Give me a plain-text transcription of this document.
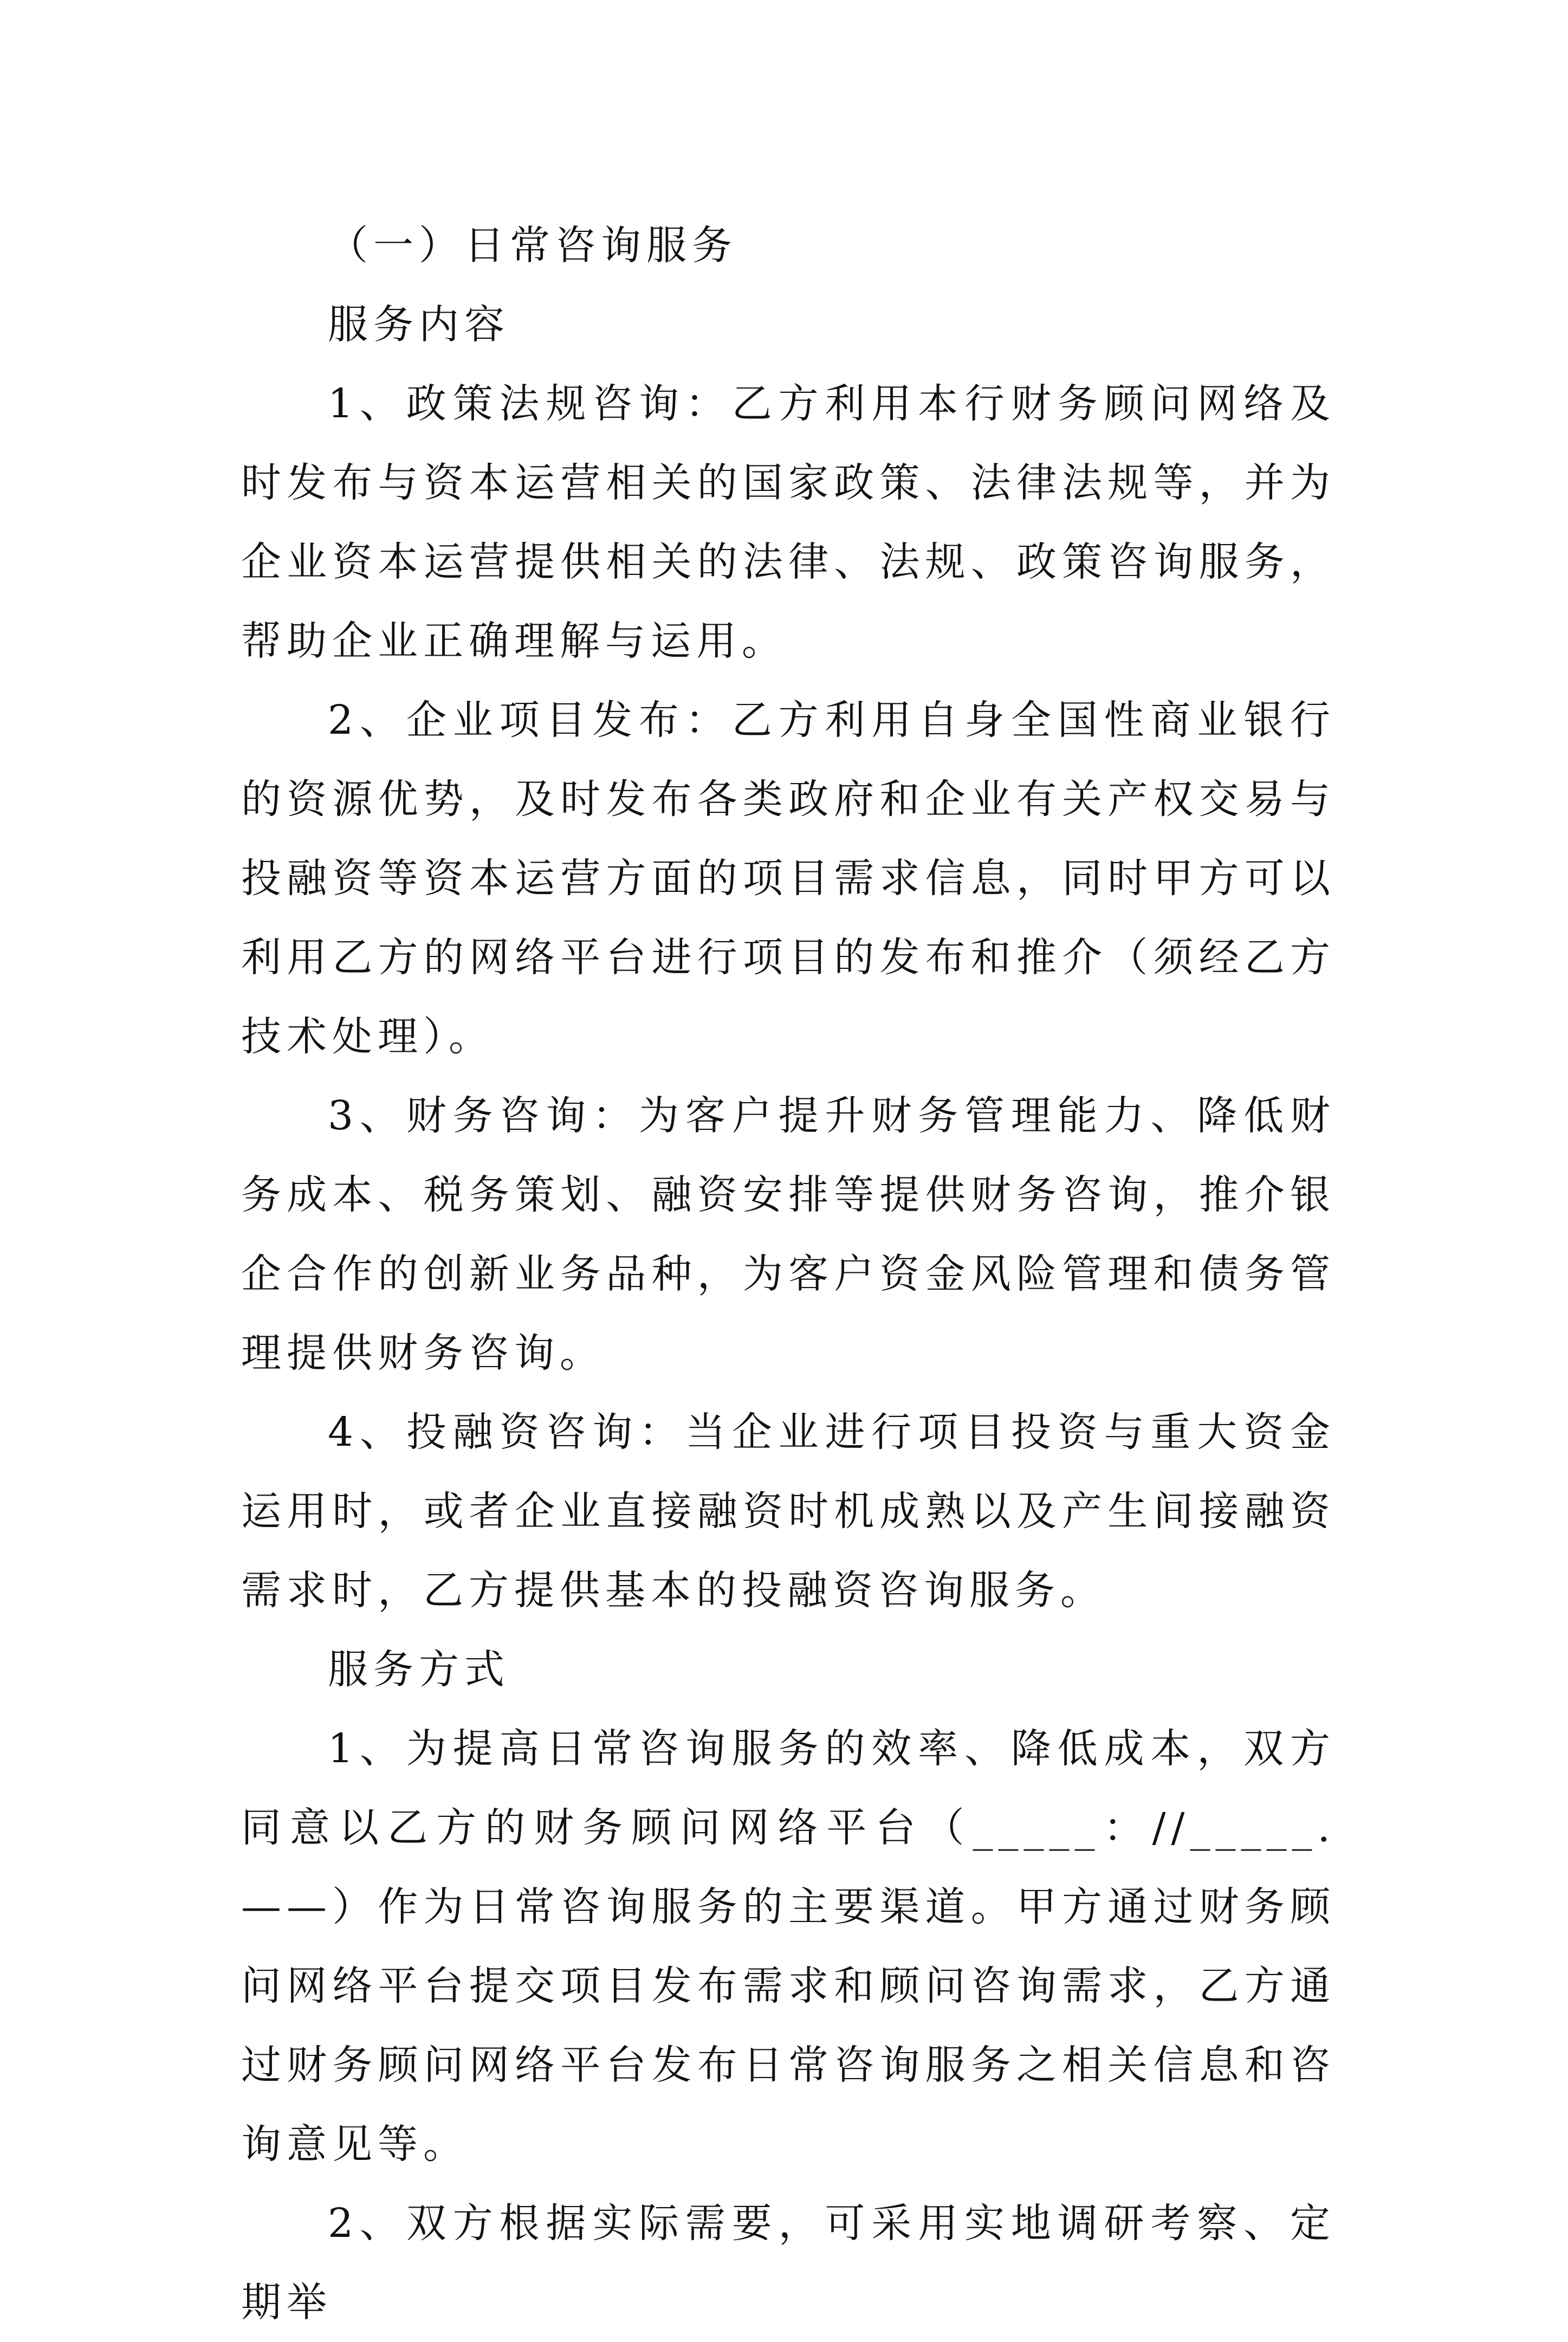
（一）日常咨询服务

服务内容

1、政策法规咨询：乙方利用本行财务顾问网络及时发布与资本运营相关的国家政策、法律法规等，并为企业资本运营提供相关的法律、法规、政策咨询服务，帮助企业正确理解与运用。

2、企业项目发布：乙方利用自身全国性商业银行的资源优势，及时发布各类政府和企业有关产权交易与投融资等资本运营方面的项目需求信息，同时甲方可以利用乙方的网络平台进行项目的发布和推介（须经乙方技术处理）。

3、财务咨询：为客户提升财务管理能力、降低财务成本、税务策划、融资安排等提供财务咨询，推介银企合作的创新业务品种，为客户资金风险管理和债务管理提供财务咨询。

4、投融资咨询：当企业进行项目投资与重大资金运用时，或者企业直接融资时机成熟以及产生间接融资需求时，乙方提供基本的投融资咨询服务。

服务方式

1、为提高日常咨询服务的效率、降低成本，双方同意以乙方的财务顾问网络平台（_____：//_____.——）作为日常咨询服务的主要渠道。甲方通过财务顾问网络平台提交项目发布需求和顾问咨询需求，乙方通过财务顾问网络平台发布日常咨询服务之相关信息和咨询意见等。

2、双方根据实际需要，可采用实地调研考察、定期举
